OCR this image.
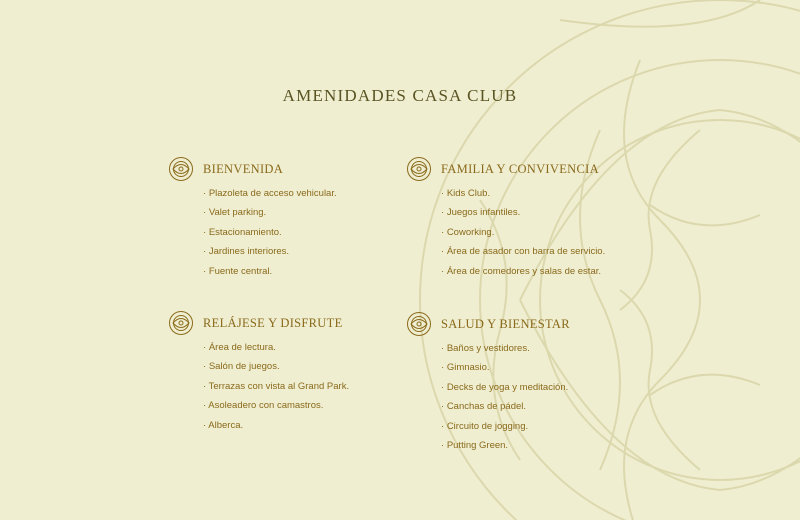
AMENIDADES CASA CLUB
BIENVENIDA
· Plazoleta de acceso vehicular.
· Valet parking.
· Estacionamiento.
· Jardines interiores.
· Fuente central.
FAMILIA Y CONVIVENCIA
· Kids Club.
· Juegos infantiles.
· Coworking.
· Área de asador con barra de servicio.
· Área de comedores y salas de estar.
RELÁJESE Y DISFRUTE
· Área de lectura.
· Salón de juegos.
· Terrazas con vista al Grand Park.
· Asoleadero con camastros.
· Alberca.
SALUD Y BIENESTAR
· Baños y vestidores.
· Gimnasio.
· Decks de yoga y meditación.
· Canchas de pádel.
· Circuito de jogging.
· Putting Green.
